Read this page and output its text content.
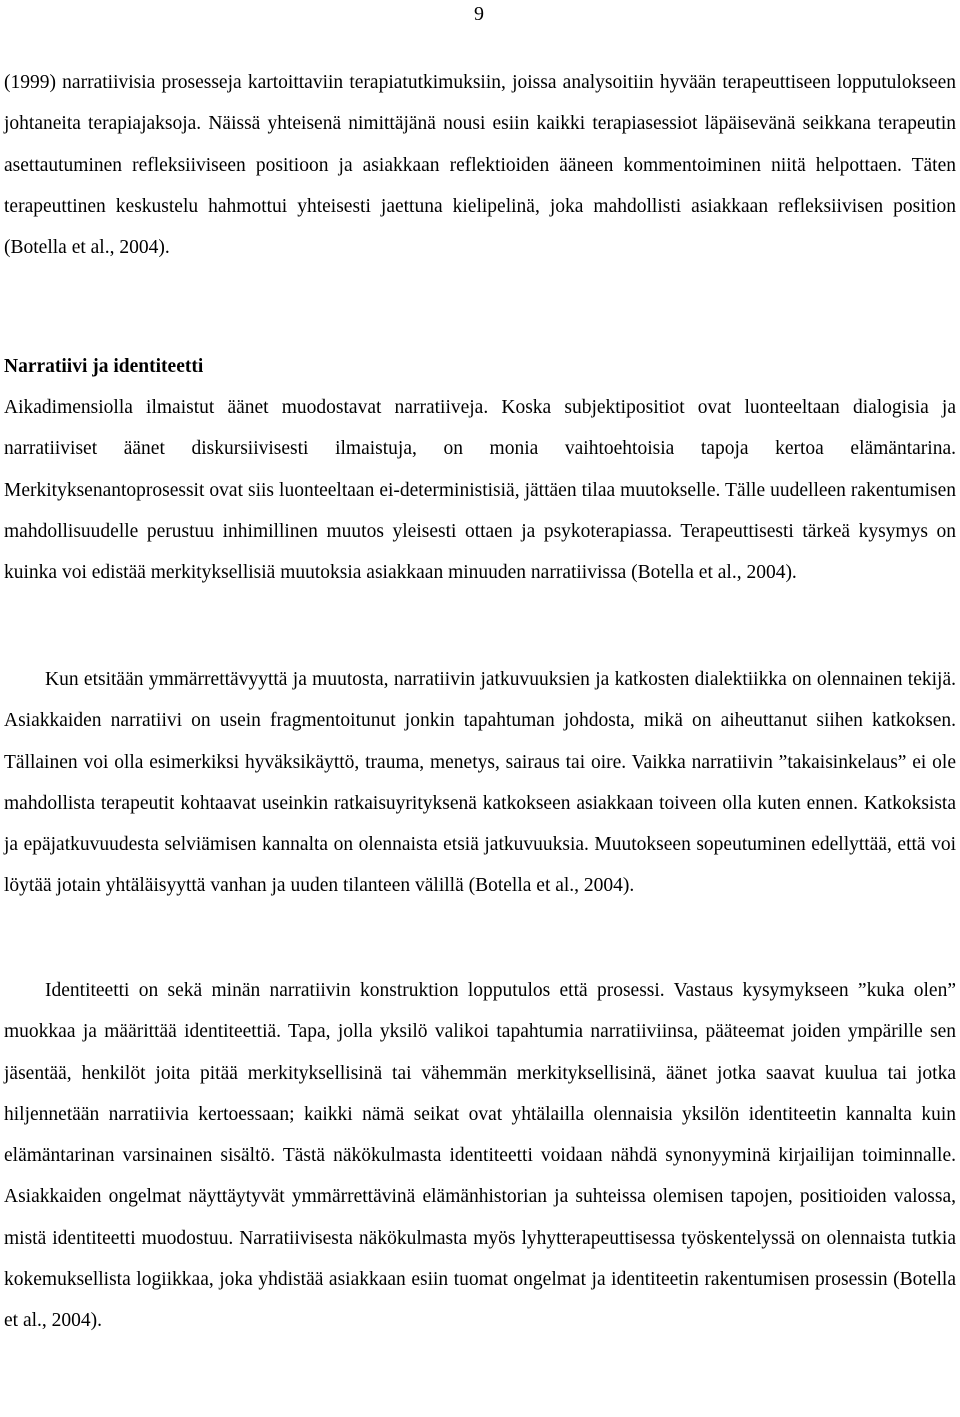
9

(1999) narratiivisia prosesseja kartoittaviin terapiatutkimuksiin, joissa analysoitiin hyvään terapeuttiseen lopputulokseen johtaneita terapiajaksoja. Näissä yhteisenä nimittäjänä nousi esiin kaikki terapiasessiot läpäisevänä seikkana terapeutin asettautuminen refleksiiviseen positioon ja asiakkaan reflektioiden ääneen kommentoiminen niitä helpottaen. Täten terapeuttinen keskustelu hahmottui yhteisesti jaettuna kielipelinä, joka mahdollisti asiakkaan refleksiivisen position (Botella et al., 2004).

Narratiivi ja identiteetti

Aikadimensiolla ilmaistut äänet muodostavat narratiiveja. Koska subjektipositiot ovat luonteeltaan dialogisia ja narratiiviset äänet diskursiivisesti ilmaistuja, on monia vaihtoehtoisia tapoja kertoa elämäntarina. Merkityksenantoprosessit ovat siis luonteeltaan ei-deterministisiä, jättäen tilaa muutokselle. Tälle uudelleen rakentumisen mahdollisuudelle perustuu inhimillinen muutos yleisesti ottaen ja psykoterapiassa. Terapeuttisesti tärkeä kysymys on kuinka voi edistää merkityksellisiä muutoksia asiakkaan minuuden narratiivissa (Botella et al., 2004).

Kun etsitään ymmärrettävyyttä ja muutosta, narratiivin jatkuvuuksien ja katkosten dialektiikka on olennainen tekijä. Asiakkaiden narratiivi on usein fragmentoitunut jonkin tapahtuman johdosta, mikä on aiheuttanut siihen katkoksen. Tällainen voi olla esimerkiksi hyväksikäyttö, trauma, menetys, sairaus tai oire. Vaikka narratiivin ”takaisinkelaus” ei ole mahdollista terapeutit kohtaavat useinkin ratkaisuyrityksenä katkokseen asiakkaan toiveen olla kuten ennen. Katkoksista ja epäjatkuvuudesta selviämisen kannalta on olennaista etsiä jatkuvuuksia. Muutokseen sopeutuminen edellyttää, että voi löytää jotain yhtäläisyyttä vanhan ja uuden tilanteen välillä (Botella et al., 2004).

Identiteetti on sekä minän narratiivin konstruktion lopputulos että prosessi. Vastaus kysymykseen ”kuka olen” muokkaa ja määrittää identiteettiä. Tapa, jolla yksilö valikoi tapahtumia narratiiviinsa, pääteemat joiden ympärille sen jäsentää, henkilöt joita pitää merkityksellisinä tai vähemmän merkityksellisinä, äänet jotka saavat kuulua tai jotka hiljennetään narratiivia kertoessaan; kaikki nämä seikat ovat yhtälailla olennaisia yksilön identiteetin kannalta kuin elämäntarinan varsinainen sisältö. Tästä näkökulmasta identiteetti voidaan nähdä synonyyminä kirjailijan toiminnalle. Asiakkaiden ongelmat näyttäytyvät ymmärrettävinä elämänhistorian ja suhteissa olemisen tapojen, positioiden valossa, mistä identiteetti muodostuu. Narratiivisesta näkökulmasta myös lyhytterapeuttisessa työskentelyssä on olennaista tutkia kokemuksellista logiikkaa, joka yhdistää asiakkaan esiin tuomat ongelmat ja identiteetin rakentumisen prosessin (Botella et al., 2004).
